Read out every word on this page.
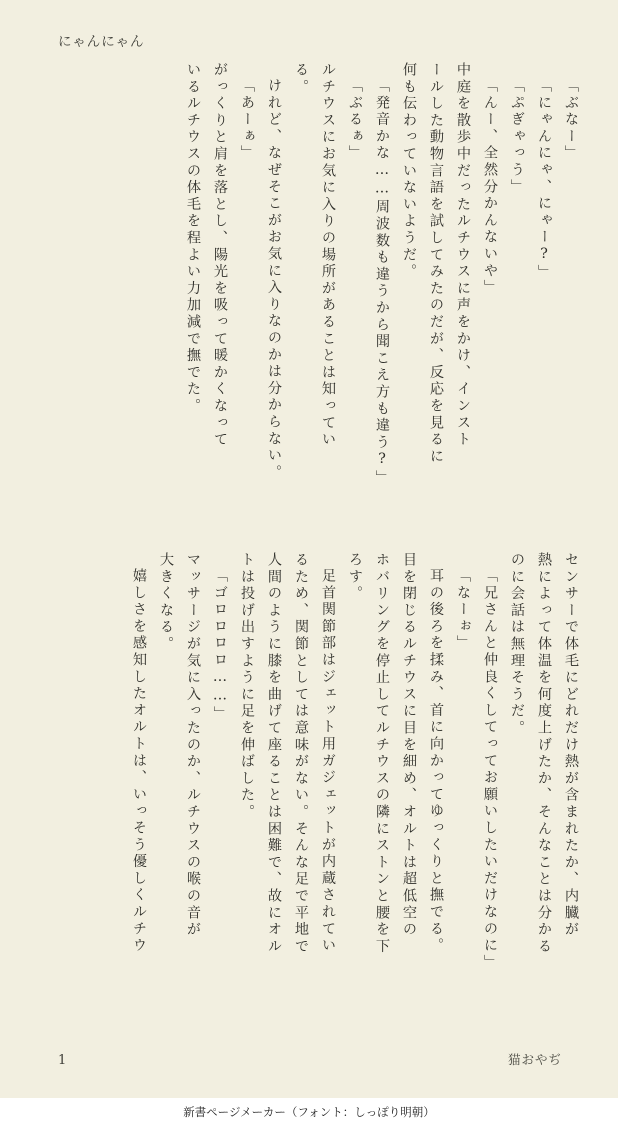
にゃんにゃん
「ぶなー」
「にゃんにゃ、にゃー?」
「ぷぎゃっう」
「んー、全然分かんないや」
中庭を散歩中だったルチウスに声をかけ、インスト
ールした動物言語を試してみたのだが、反応を見るに
何も伝わっていないようだ。
「発音かな……周波数も違うから聞こえ方も違う?」
「ぶるぁ」
ルチウスにお気に入りの場所があることは知ってい
る。
けれど、なぜそこがお気に入りなのかは分からない。
「あーぁ」
がっくりと肩を落とし、陽光を吸って暖かくなって
いるルチウスの体毛を程よい力加減で撫でた。
センサーで体毛にどれだけ熱が含まれたか、内臓が
熱によって体温を何度上げたか、そんなことは分かる
のに会話は無理そうだ。
「兄さんと仲良くしてってお願いしたいだけなのに」
「なーぉ」
耳の後ろを揉み、首に向かってゆっくりと撫でる。
目を閉じるルチウスに目を細め、オルトは超低空の
ホバリングを停止してルチウスの隣にストンと腰を下
ろす。
足首関節部はジェット用ガジェットが内蔵されてい
るため、関節としては意味がない。そんな足で平地で
人間のように膝を曲げて座ることは困難で、故にオル
トは投げ出すように足を伸ばした。
「ゴロロロロ……」
マッサージが気に入ったのか、ルチウスの喉の音が
大きくなる。
嬉しさを感知したオルトは、いっそう優しくルチウ
1	猫おやぢ
新書ページメーカー（フォント：しっぽり明朝）
